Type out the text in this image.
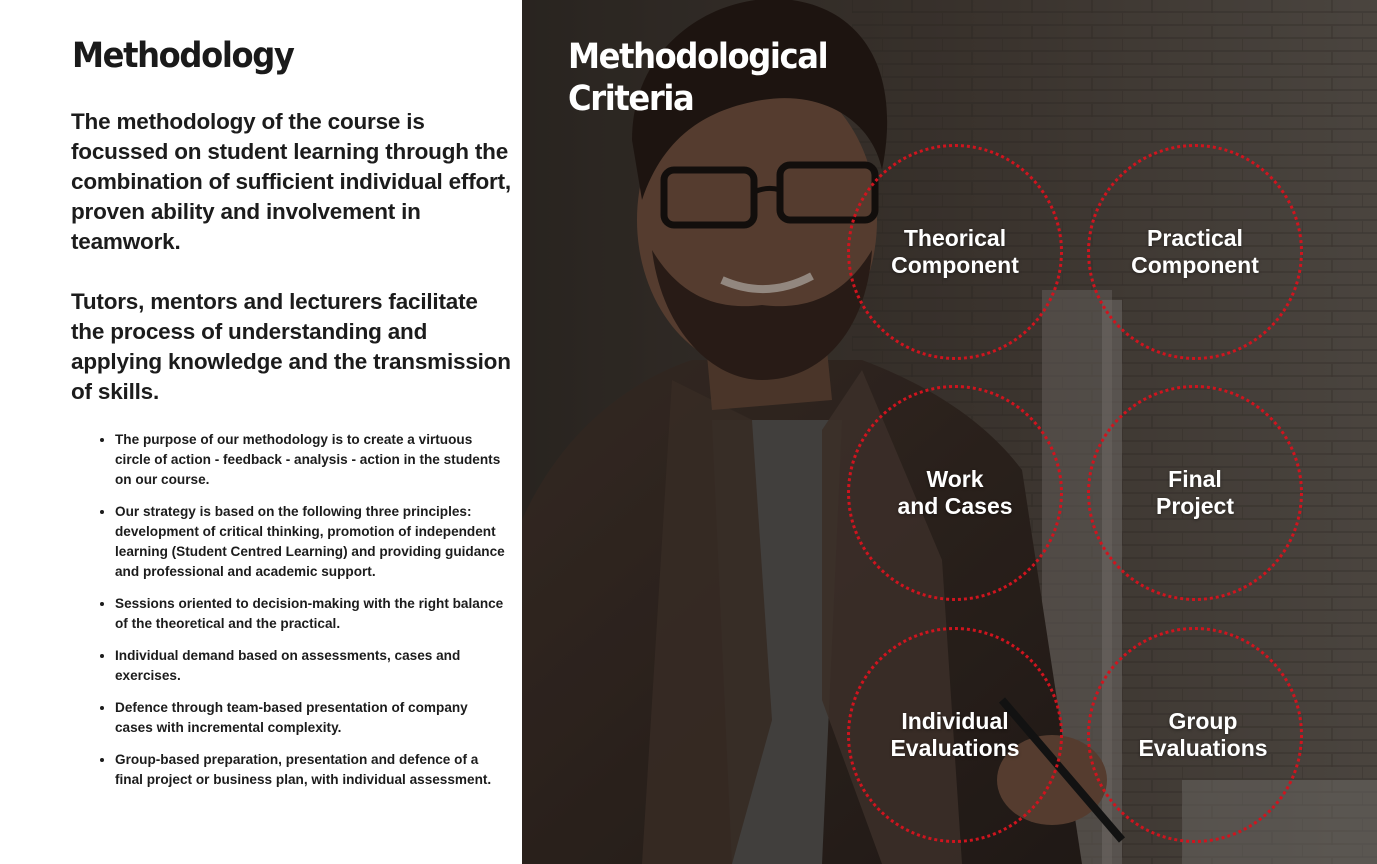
Methodology

The methodology of the course is focussed on student learning through the combination of sufficient individual effort, proven ability and involvement in teamwork.

Tutors, mentors and lecturers facilitate the process of understanding and applying knowledge and the transmission of skills.

• The purpose of our methodology is to create a virtuous circle of action - feedback - analysis - action in the students on our course.
• Our strategy is based on the following three principles: development of critical thinking, promotion of independent learning (Student Centred Learning) and providing guidance and professional and academic support.
• Sessions oriented to decision-making with the right balance of the theoretical and the practical.
• Individual demand based on assessments, cases and exercises.
• Defence through team-based presentation of company cases with incremental complexity.
• Group-based preparation, presentation and defence of a final project or business plan, with individual assessment.
Methodological
Criteria
Theorical
Component
Practical
Component
Work
and Cases
Final
Project
Individual
Evaluations
Group
Evaluations
